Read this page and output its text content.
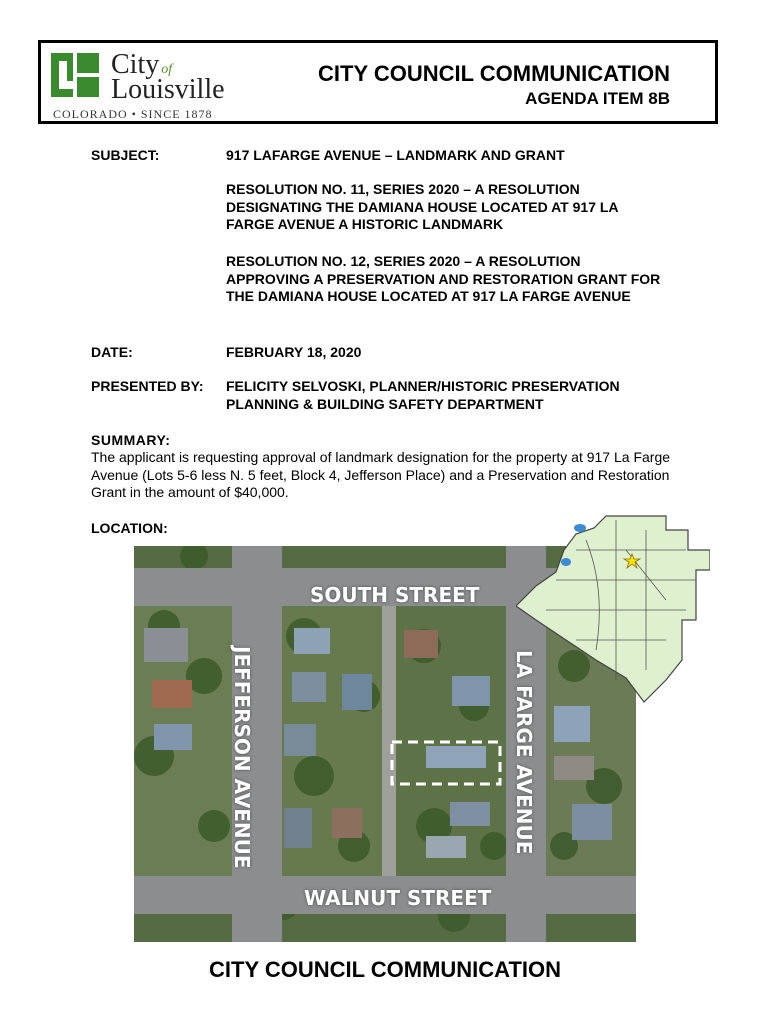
City of
Louisville
COLORADO • SINCE 1878
CITY COUNCIL COMMUNICATION
AGENDA ITEM 8B
SUBJECT:	917 LAFARGE AVENUE – LANDMARK AND GRANT
RESOLUTION NO. 11, SERIES 2020 – A RESOLUTION DESIGNATING THE DAMIANA HOUSE LOCATED AT 917 LA FARGE AVENUE A HISTORIC LANDMARK
RESOLUTION NO. 12, SERIES 2020 – A RESOLUTION APPROVING A PRESERVATION AND RESTORATION GRANT FOR THE DAMIANA HOUSE LOCATED AT 917 LA FARGE AVENUE
DATE:	FEBRUARY 18, 2020
PRESENTED BY: FELICITY SELVOSKI, PLANNER/HISTORIC PRESERVATION
PLANNING & BUILDING SAFETY DEPARTMENT
SUMMARY:
The applicant is requesting approval of landmark designation for the property at 917 La Farge Avenue (Lots 5-6 less N. 5 feet, Block 4, Jefferson Place) and a Preservation and Restoration Grant in the amount of $40,000.
LOCATION:
SOUTH STREET
WALNUT STREET
JEFFERSON AVENUE	LA FARGE AVENUE
CITY COUNCIL COMMUNICATION
